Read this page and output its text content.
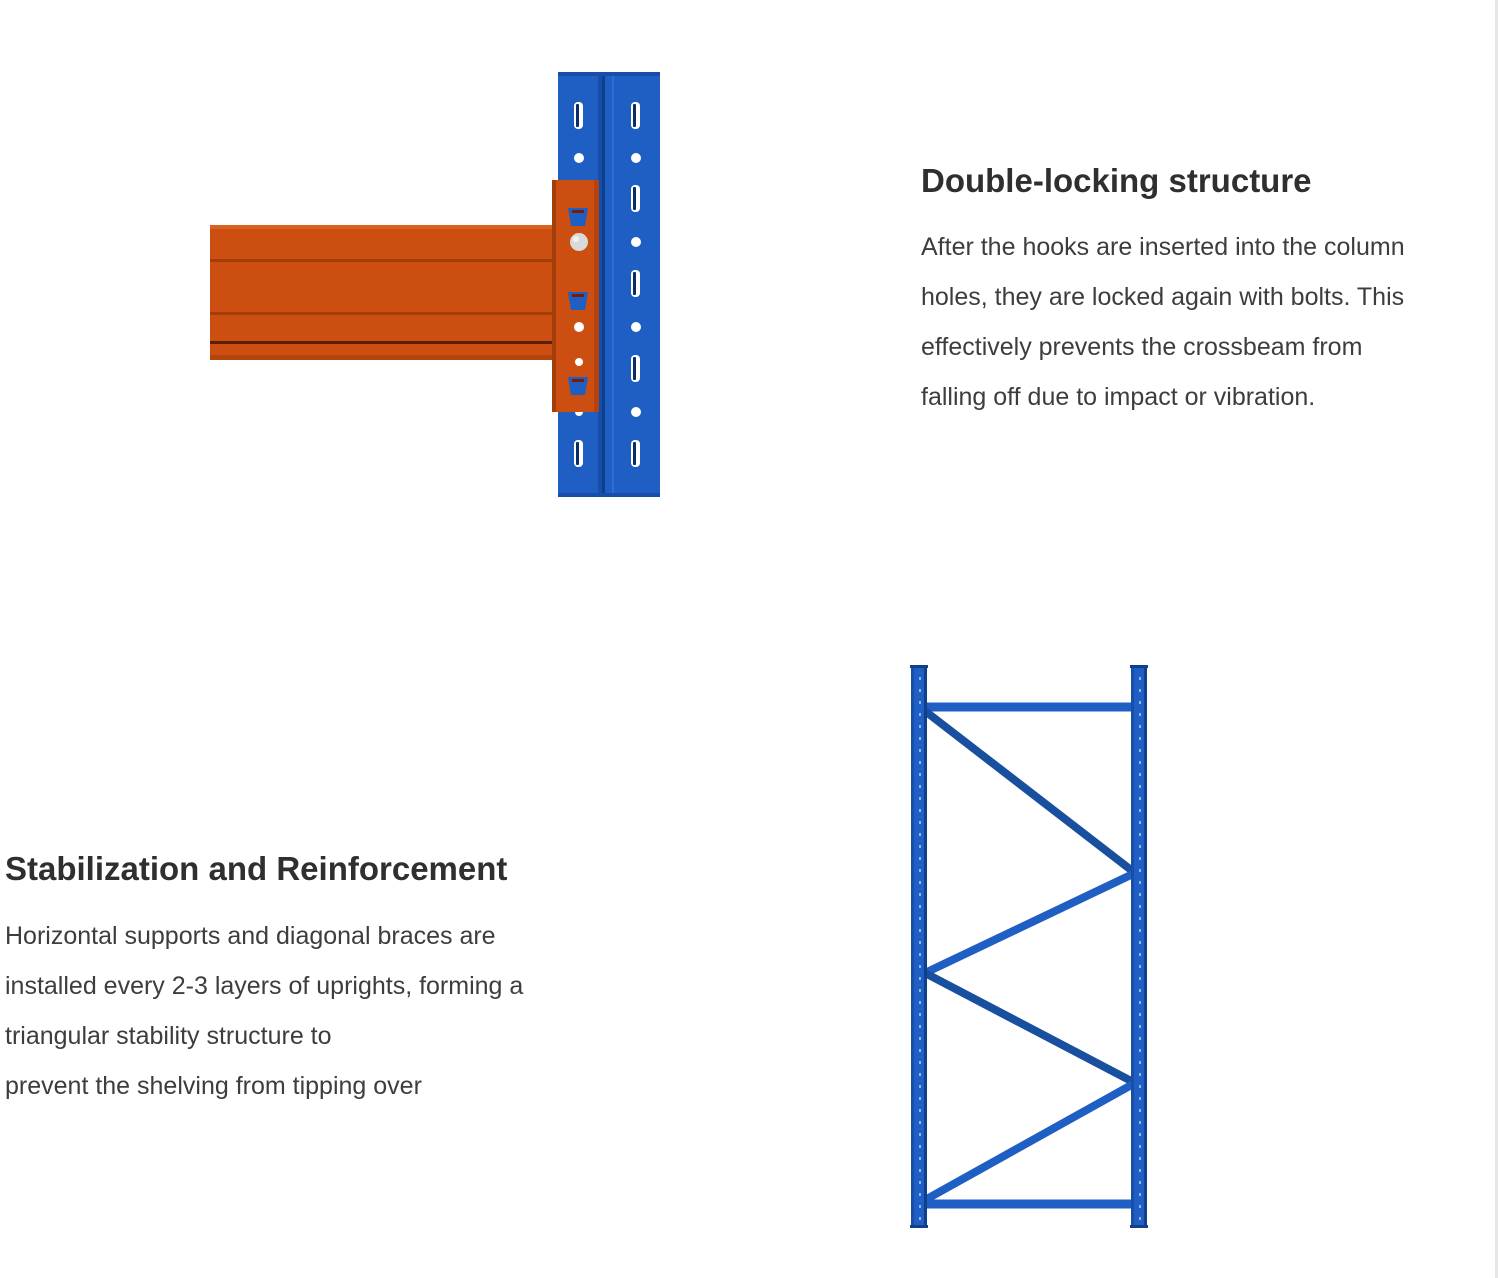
Double-locking structure

After the hooks are inserted into the column
holes, they are locked again with bolts. This
effectively prevents the crossbeam from
falling off due to impact or vibration.

Stabilization and Reinforcement

Horizontal supports and diagonal braces are
installed every 2-3 layers of uprights, forming a
triangular stability structure to
prevent the shelving from tipping over
